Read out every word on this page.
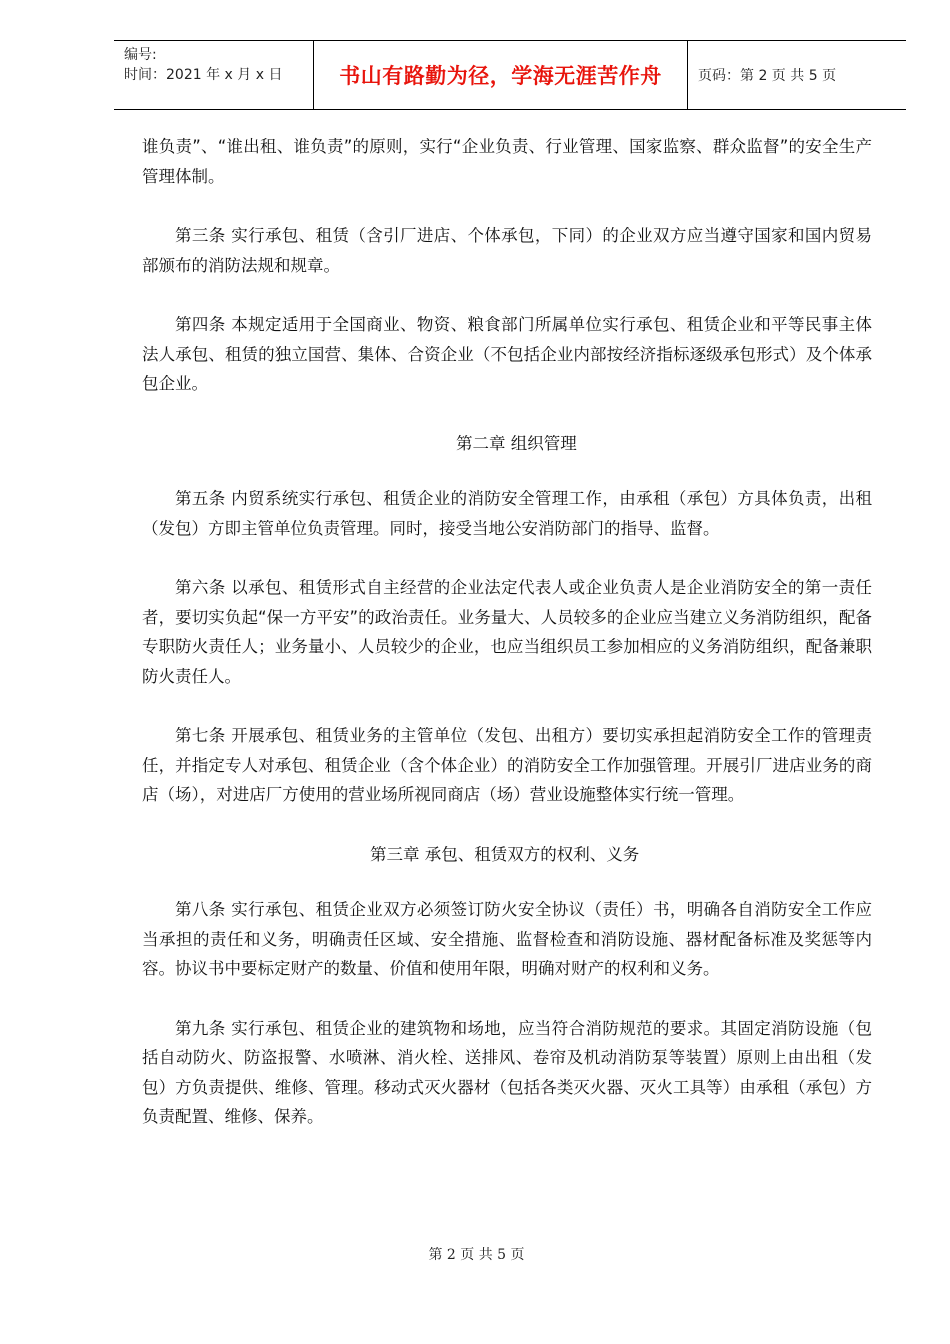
编号:
时间：2021 年 x 月 x 日	书山有路勤为径，学海无涯苦作舟	页码：第 2 页 共 5 页

谁负责”、“谁出租、谁负责”的原则，实行“企业负责、行业管理、国家监察、群众监督”的安全生产管理体制。

第三条 实行承包、租赁（含引厂进店、个体承包，下同）的企业双方应当遵守国家和国内贸易部颁布的消防法规和规章。

第四条 本规定适用于全国商业、物资、粮食部门所属单位实行承包、租赁企业和平等民事主体法人承包、租赁的独立国营、集体、合资企业（不包括企业内部按经济指标逐级承包形式）及个体承包企业。

第二章 组织管理

第五条 内贸系统实行承包、租赁企业的消防安全管理工作，由承租（承包）方具体负责，出租（发包）方即主管单位负责管理。同时，接受当地公安消防部门的指导、监督。

第六条 以承包、租赁形式自主经营的企业法定代表人或企业负责人是企业消防安全的第一责任者，要切实负起“保一方平安”的政治责任。业务量大、人员较多的企业应当建立义务消防组织，配备专职防火责任人；业务量小、人员较少的企业，也应当组织员工参加相应的义务消防组织，配备兼职防火责任人。

第七条 开展承包、租赁业务的主管单位（发包、出租方）要切实承担起消防安全工作的管理责任，并指定专人对承包、租赁企业（含个体企业）的消防安全工作加强管理。开展引厂进店业务的商店（场），对进店厂方使用的营业场所视同商店（场）营业设施整体实行统一管理。

第三章 承包、租赁双方的权利、义务

第八条 实行承包、租赁企业双方必须签订防火安全协议（责任）书，明确各自消防安全工作应当承担的责任和义务，明确责任区域、安全措施、监督检查和消防设施、器材配备标准及奖惩等内容。协议书中要标定财产的数量、价值和使用年限，明确对财产的权利和义务。

第九条 实行承包、租赁企业的建筑物和场地，应当符合消防规范的要求。其固定消防设施（包括自动防火、防盗报警、水喷淋、消火栓、送排风、卷帘及机动消防泵等装置）原则上由出租（发包）方负责提供、维修、管理。移动式灭火器材（包括各类灭火器、灭火工具等）由承租（承包）方负责配置、维修、保养。

第 2 页 共 5 页
